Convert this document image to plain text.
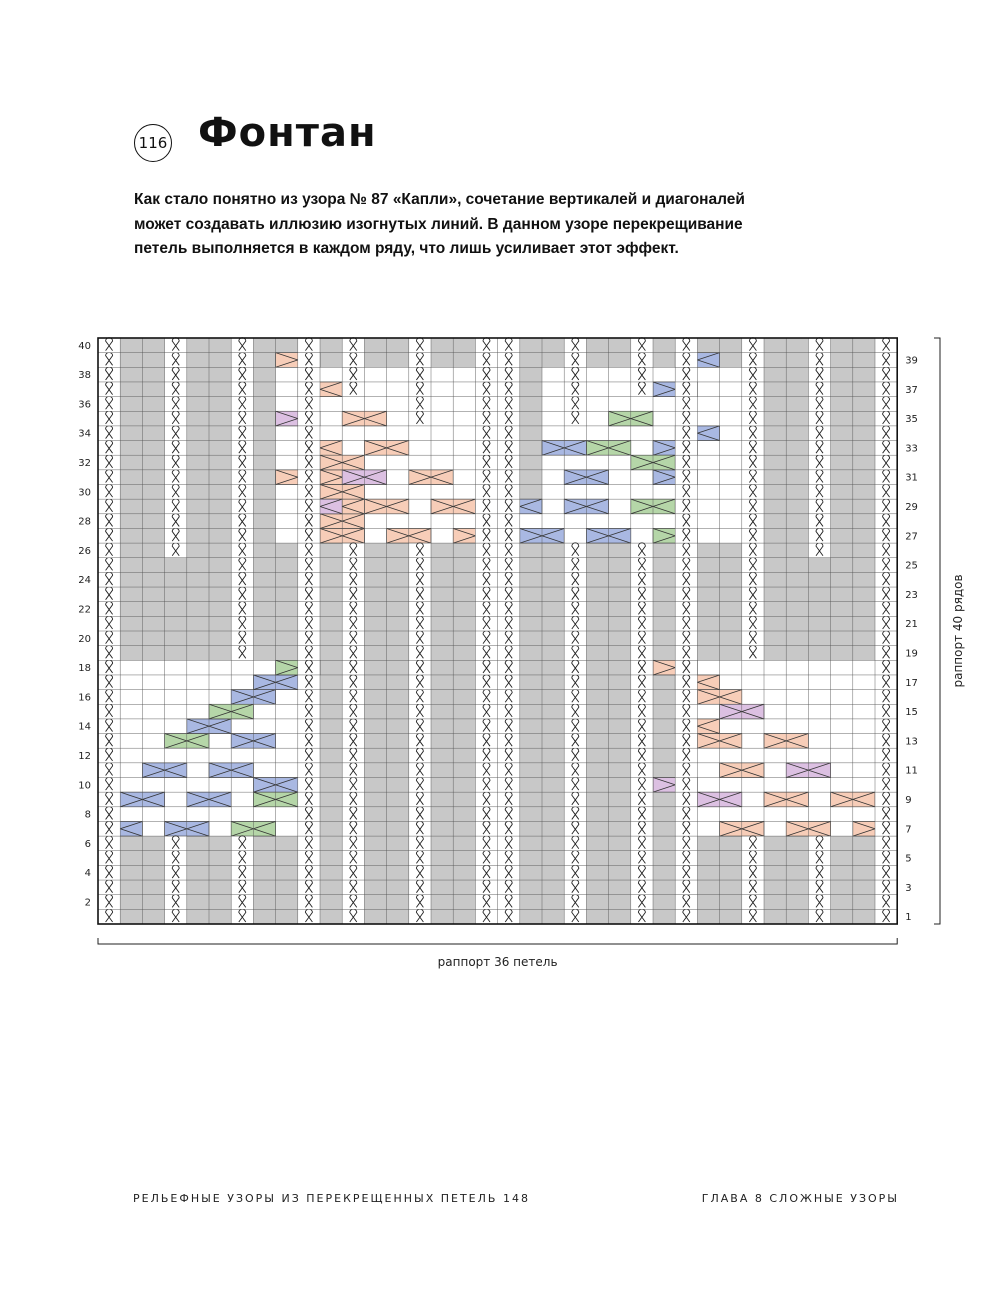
116 Фонтан
Как стало понятно из узора № 87 «Капли», сочетание вертикалей и диагоналей
может создавать иллюзию изогнутых линий. В данном узоре перекрещивание
петель выполняется в каждом ряду, что лишь усиливает этот эффект.
2
4
6
8
10
12
14
16
18
20
22
24
26
28
30
32
34
36
38
40
1
3
5
7
9
11
13
15
17
19
21
23
25
27
29
31
33
35
37
39
раппорт 36 петель
раппорт 40 рядов
РЕЛЬЕФНЫЕ УЗОРЫ ИЗ ПЕРЕКРЕЩЕННЫХ ПЕТЕЛЬ 148	ГЛАВА 8 СЛОЖНЫЕ УЗОРЫ
